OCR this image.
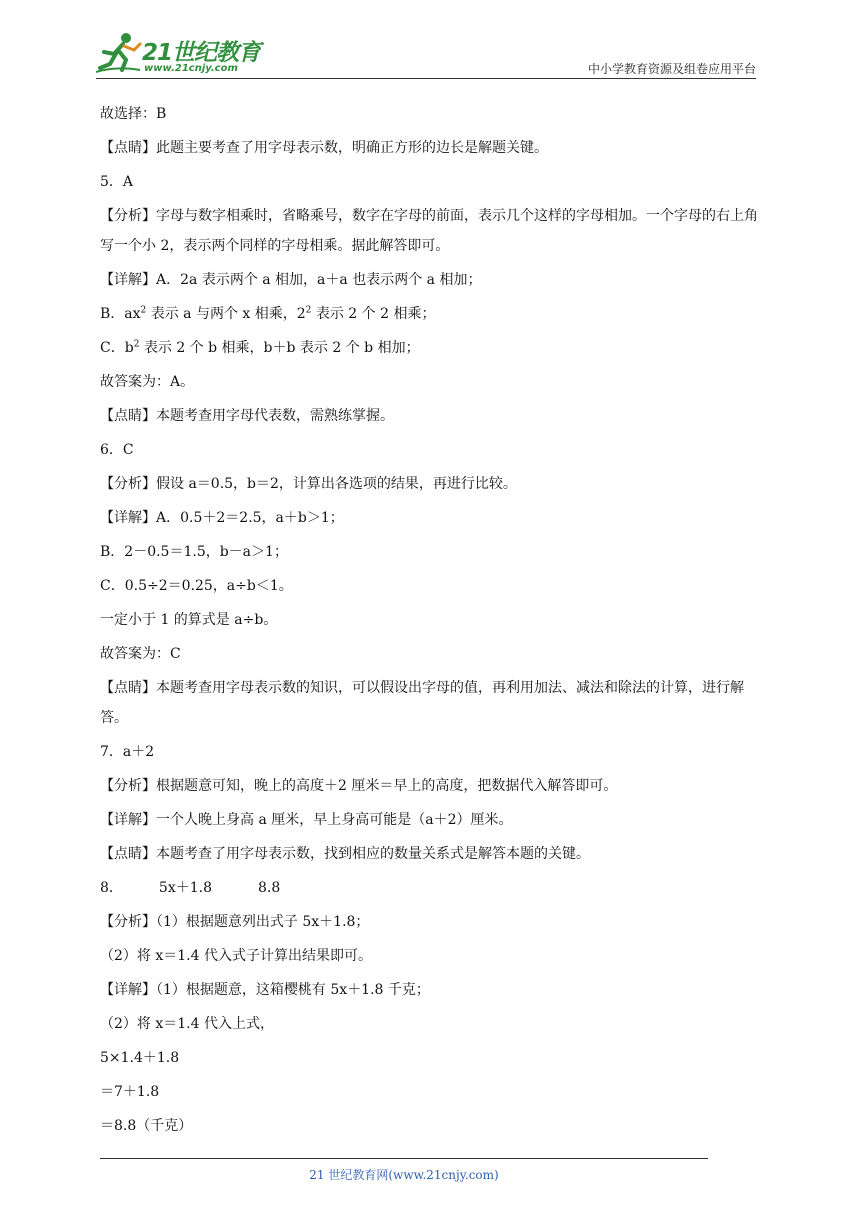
21世纪教育
www.21cnjy.com	中小学教育资源及组卷应用平台

故选择：B

【点睛】此题主要考查了用字母表示数，明确正方形的边长是解题关键。

5．A

【分析】字母与数字相乘时，省略乘号，数字在字母的前面，表示几个这样的字母相加。一个字母的右上角写一个小 2，表示两个同样的字母相乘。据此解答即可。

【详解】A．2a 表示两个 a 相加，a＋a 也表示两个 a 相加；

B．$ax^2$ 表示 a 与两个 x 相乘，$2^2$ 表示 2 个 2 相乘；

C．$b^2$ 表示 2 个 b 相乘，b＋b 表示 2 个 b 相加；

故答案为：A。

【点睛】本题考查用字母代表数，需熟练掌握。

6．C

【分析】假设 a＝0.5，b＝2，计算出各选项的结果，再进行比较。

【详解】A．0.5＋2＝2.5，a＋b＞1；

B．2－0.5＝1.5，b－a＞1；

C．0.5÷2＝0.25，a÷b＜1。

一定小于 1 的算式是 a÷b。

故答案为：C

【点睛】本题考查用字母表示数的知识，可以假设出字母的值，再利用加法、减法和除法的计算，进行解答。

7．a＋2

【分析】根据题意可知，晚上的高度＋2 厘米＝早上的高度，把数据代入解答即可。

【详解】一个人晚上身高 a 厘米，早上身高可能是（a＋2）厘米。

【点睛】本题考查了用字母表示数，找到相应的数量关系式是解答本题的关键。

8．	5x＋1.8	8.8

【分析】（1）根据题意列出式子 5x＋1.8；

（2）将 x＝1.4 代入式子计算出结果即可。

【详解】（1）根据题意，这箱樱桃有 5x＋1.8 千克；

（2）将 x＝1.4 代入上式，

5×1.4＋1.8

＝7＋1.8

＝8.8（千克）

21 世纪教育网(www.21cnjy.com)
